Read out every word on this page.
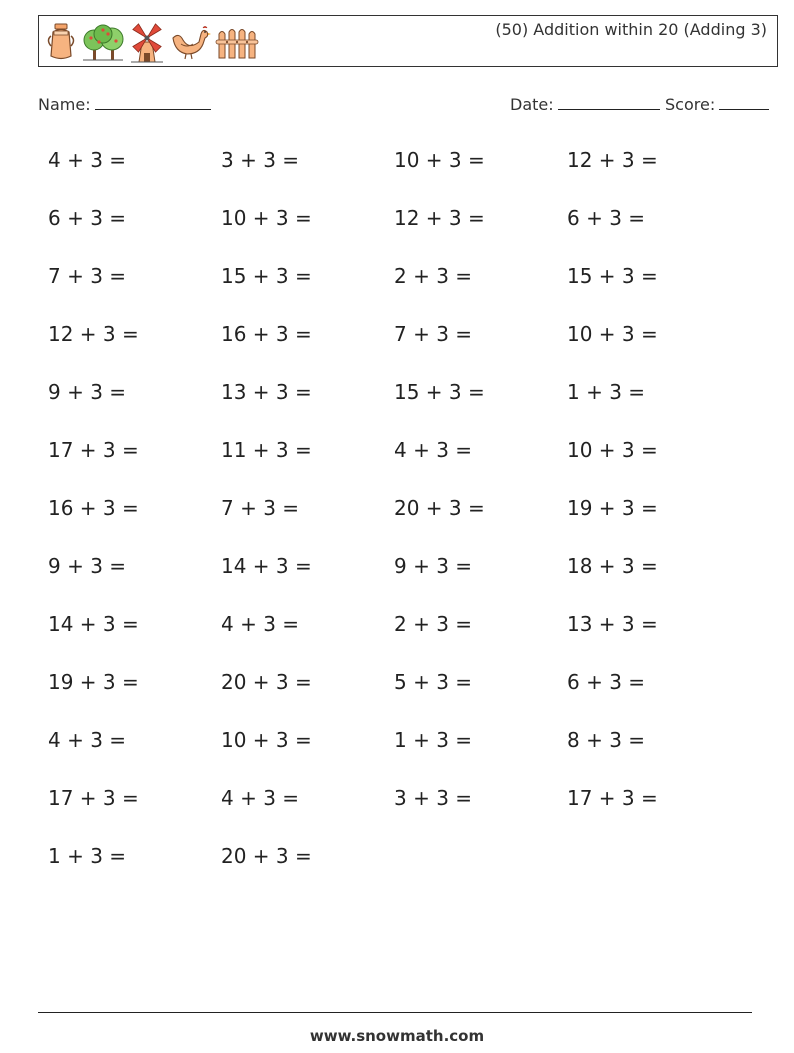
(50) Addition within 20 (Adding 3)
Name:	Date:	Score:
4 + 3 =	3 + 3 =	10 + 3 =	12 + 3 =
6 + 3 =	10 + 3 =	12 + 3 =	6 + 3 =
7 + 3 =	15 + 3 =	2 + 3 =	15 + 3 =
12 + 3 =	16 + 3 =	7 + 3 =	10 + 3 =
9 + 3 =	13 + 3 =	15 + 3 =	1 + 3 =
17 + 3 =	11 + 3 =	4 + 3 =	10 + 3 =
16 + 3 =	7 + 3 =	20 + 3 =	19 + 3 =
9 + 3 =	14 + 3 =	9 + 3 =	18 + 3 =
14 + 3 =	4 + 3 =	2 + 3 =	13 + 3 =
19 + 3 =	20 + 3 =	5 + 3 =	6 + 3 =
4 + 3 =	10 + 3 =	1 + 3 =	8 + 3 =
17 + 3 =	4 + 3 =	3 + 3 =	17 + 3 =
1 + 3 =	20 + 3 =
www.snowmath.com
